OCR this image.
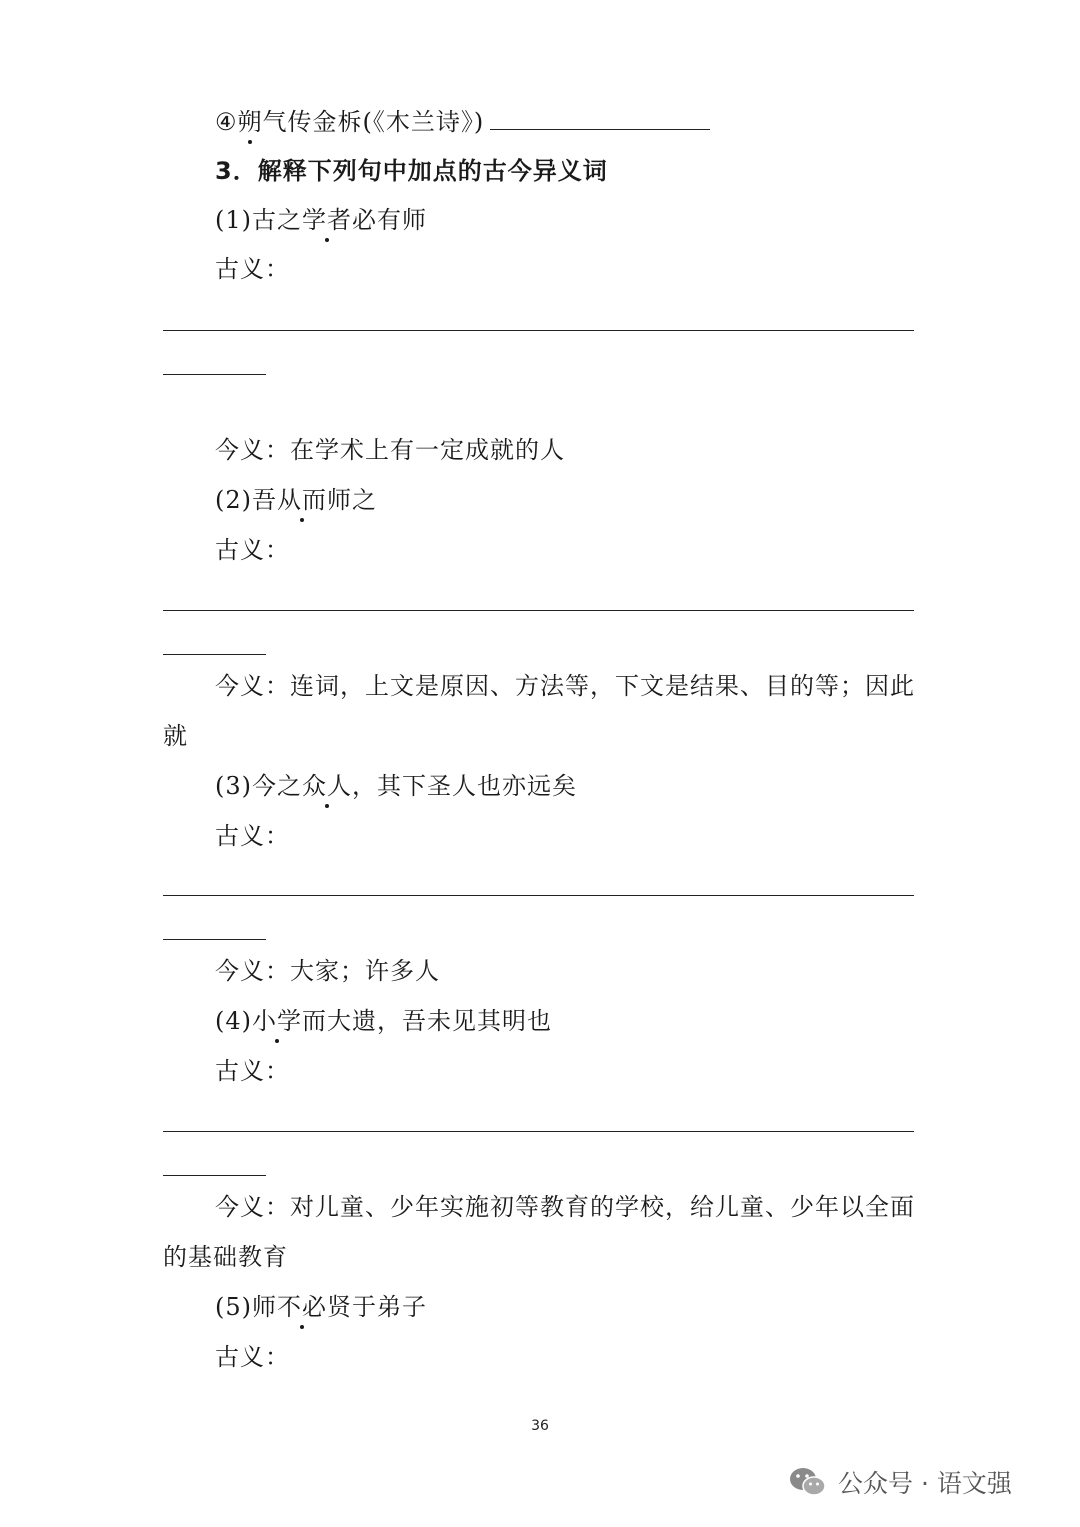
④朔气传金柝(《木兰诗》)
3．解释下列句中加点的古今异义词
(1)古之学者必有师
古义：
今义：在学术上有一定成就的人
(2)吾从而师之
古义：
今义：连词，上文是原因、方法等，下文是结果、目的等；因此
就
(3)今之众人，其下圣人也亦远矣
古义：
今义：大家；许多人
(4)小学而大遗，吾未见其明也
古义：
今义：对儿童、少年实施初等教育的学校，给儿童、少年以全面
的基础教育
(5)师不必贤于弟子
古义：
36
公众号 · 语文强
